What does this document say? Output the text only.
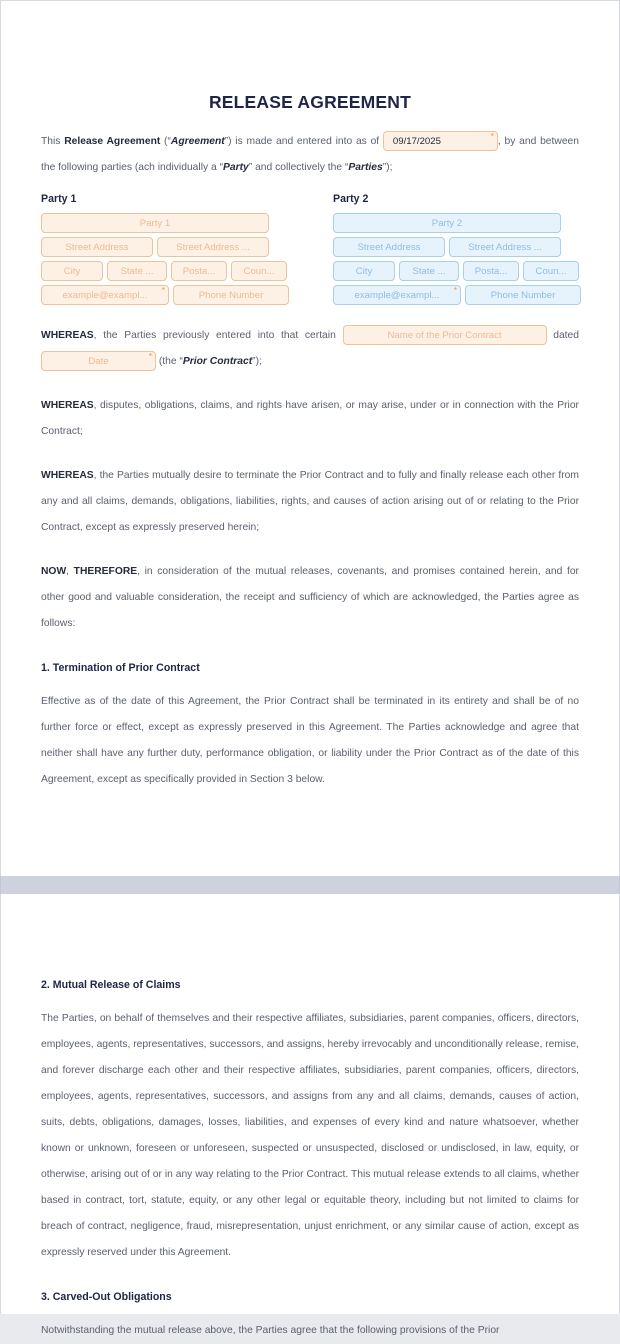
RELEASE AGREEMENT

This Release Agreement (“Agreement”) is made and entered into as of	09/17/2025	* , by and between the following parties (ach individually a “Party” and collectively the “Parties”);

Party 1
Party 1
Street Address	Street Address ...
City	State ...	Posta...	Coun...
example@exampl...	*	Phone Number
Party 2
Party 2
Street Address	Street Address ...
City	State ...	Posta...	Coun...
example@exampl...	*	Phone Number

WHEREAS, the Parties previously entered into that certain	Name of the Prior Contract	dated
Date	* (the “Prior Contract”);

WHEREAS, disputes, obligations, claims, and rights have arisen, or may arise, under or in connection with the Prior Contract;

WHEREAS, the Parties mutually desire to terminate the Prior Contract and to fully and finally release each other from any and all claims, demands, obligations, liabilities, rights, and causes of action arising out of or relating to the Prior Contract, except as expressly preserved herein;

NOW, THEREFORE, in consideration of the mutual releases, covenants, and promises contained herein, and for other good and valuable consideration, the receipt and sufficiency of which are acknowledged, the Parties agree as follows:

1. Termination of Prior Contract

Effective as of the date of this Agreement, the Prior Contract shall be terminated in its entirety and shall be of no further force or effect, except as expressly preserved in this Agreement. The Parties acknowledge and agree that neither shall have any further duty, performance obligation, or liability under the Prior Contract as of the date of this Agreement, except as specifically provided in Section 3 below.

2. Mutual Release of Claims

The Parties, on behalf of themselves and their respective affiliates, subsidiaries, parent companies, officers, directors, employees, agents, representatives, successors, and assigns, hereby irrevocably and unconditionally release, remise, and forever discharge each other and their respective affiliates, subsidiaries, parent companies, officers, directors, employees, agents, representatives, successors, and assigns from any and all claims, demands, causes of action, suits, debts, obligations, damages, losses, liabilities, and expenses of every kind and nature whatsoever, whether known or unknown, foreseen or unforeseen, suspected or unsuspected, disclosed or undisclosed, in law, equity, or otherwise, arising out of or in any way relating to the Prior Contract. This mutual release extends to all claims, whether based in contract, tort, statute, equity, or any other legal or equitable theory, including but not limited to claims for breach of contract, negligence, fraud, misrepresentation, unjust enrichment, or any similar cause of action, except as expressly reserved under this Agreement.

3. Carved-Out Obligations

Notwithstanding the mutual release above, the Parties agree that the following provisions of the Prior
